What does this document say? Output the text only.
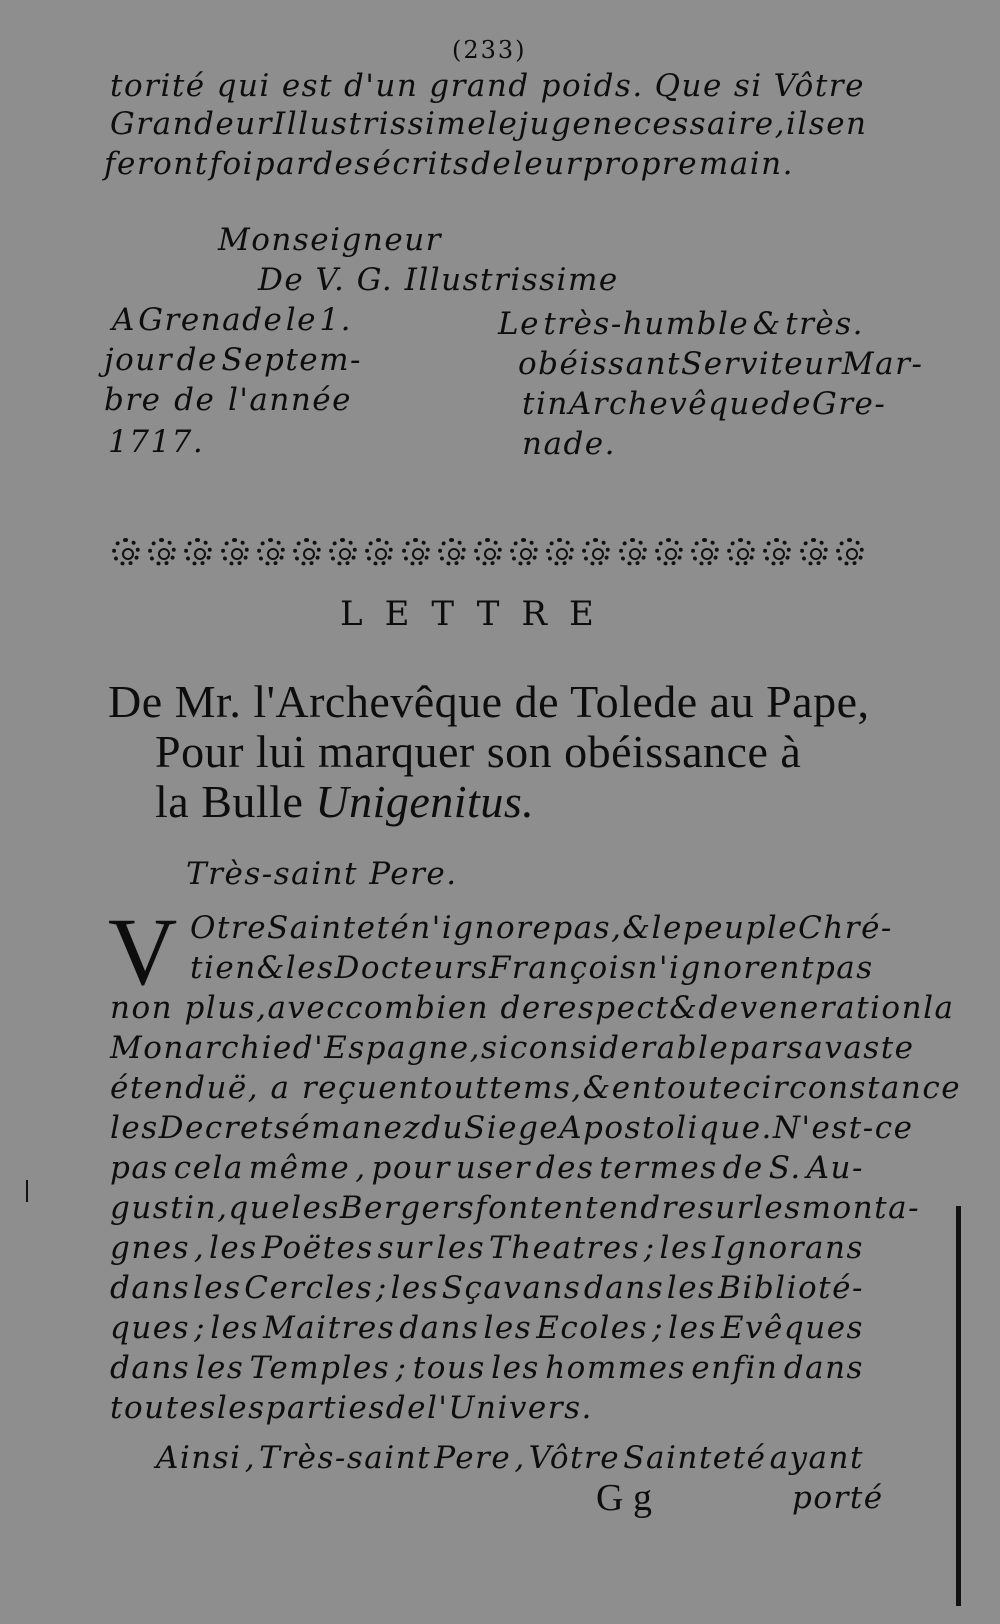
(233)
torité qui est d'un grand poids. Que si Vôtre
Grandeur Illustrissime le juge necessaire , ils en
feront foi par des écrits de leur propre main.
Monseigneur
De V. G. Illustrissime
A Grenade le 1.
jour de Septem-
bre de l'année
1717.
Le très-humble & très.
obéissant Serviteur Mar-
tin Archevêque de Gre-
nade.
LETTRE
De Mr. l'Archevêque de Tolede au Pape,
Pour lui marquer son obéissance à
la Bulle Unigenitus.
Très-saint Pere.
V Otre Sainteté n'ignore pas , & le peuple Chré-
tien & les Docteurs François n'ignorent pas
non plus, avec combien de respect & de veneration la
Monarchie d'Espagne , si considerable par sa vaste
étenduë , a reçu en tout tems , & en toute circonstance
les Decrets émanez du Siege Apostolique. N'est-ce
pas cela même , pour user des termes de S. Au-
gustin , que les Bergers font entendre sur les monta-
gnes , les Poëtes sur les Theatres ; les Ignorans
dans les Cercles ; les Sçavans dans les Biblioté-
ques ; les Maitres dans les Ecoles ; les Evêques
dans les Temples ; tous les hommes enfin dans
toutes les parties de l'Univers.
Ainsi , Très-saint Pere , Vôtre Sainteté ayant
G g	porté
